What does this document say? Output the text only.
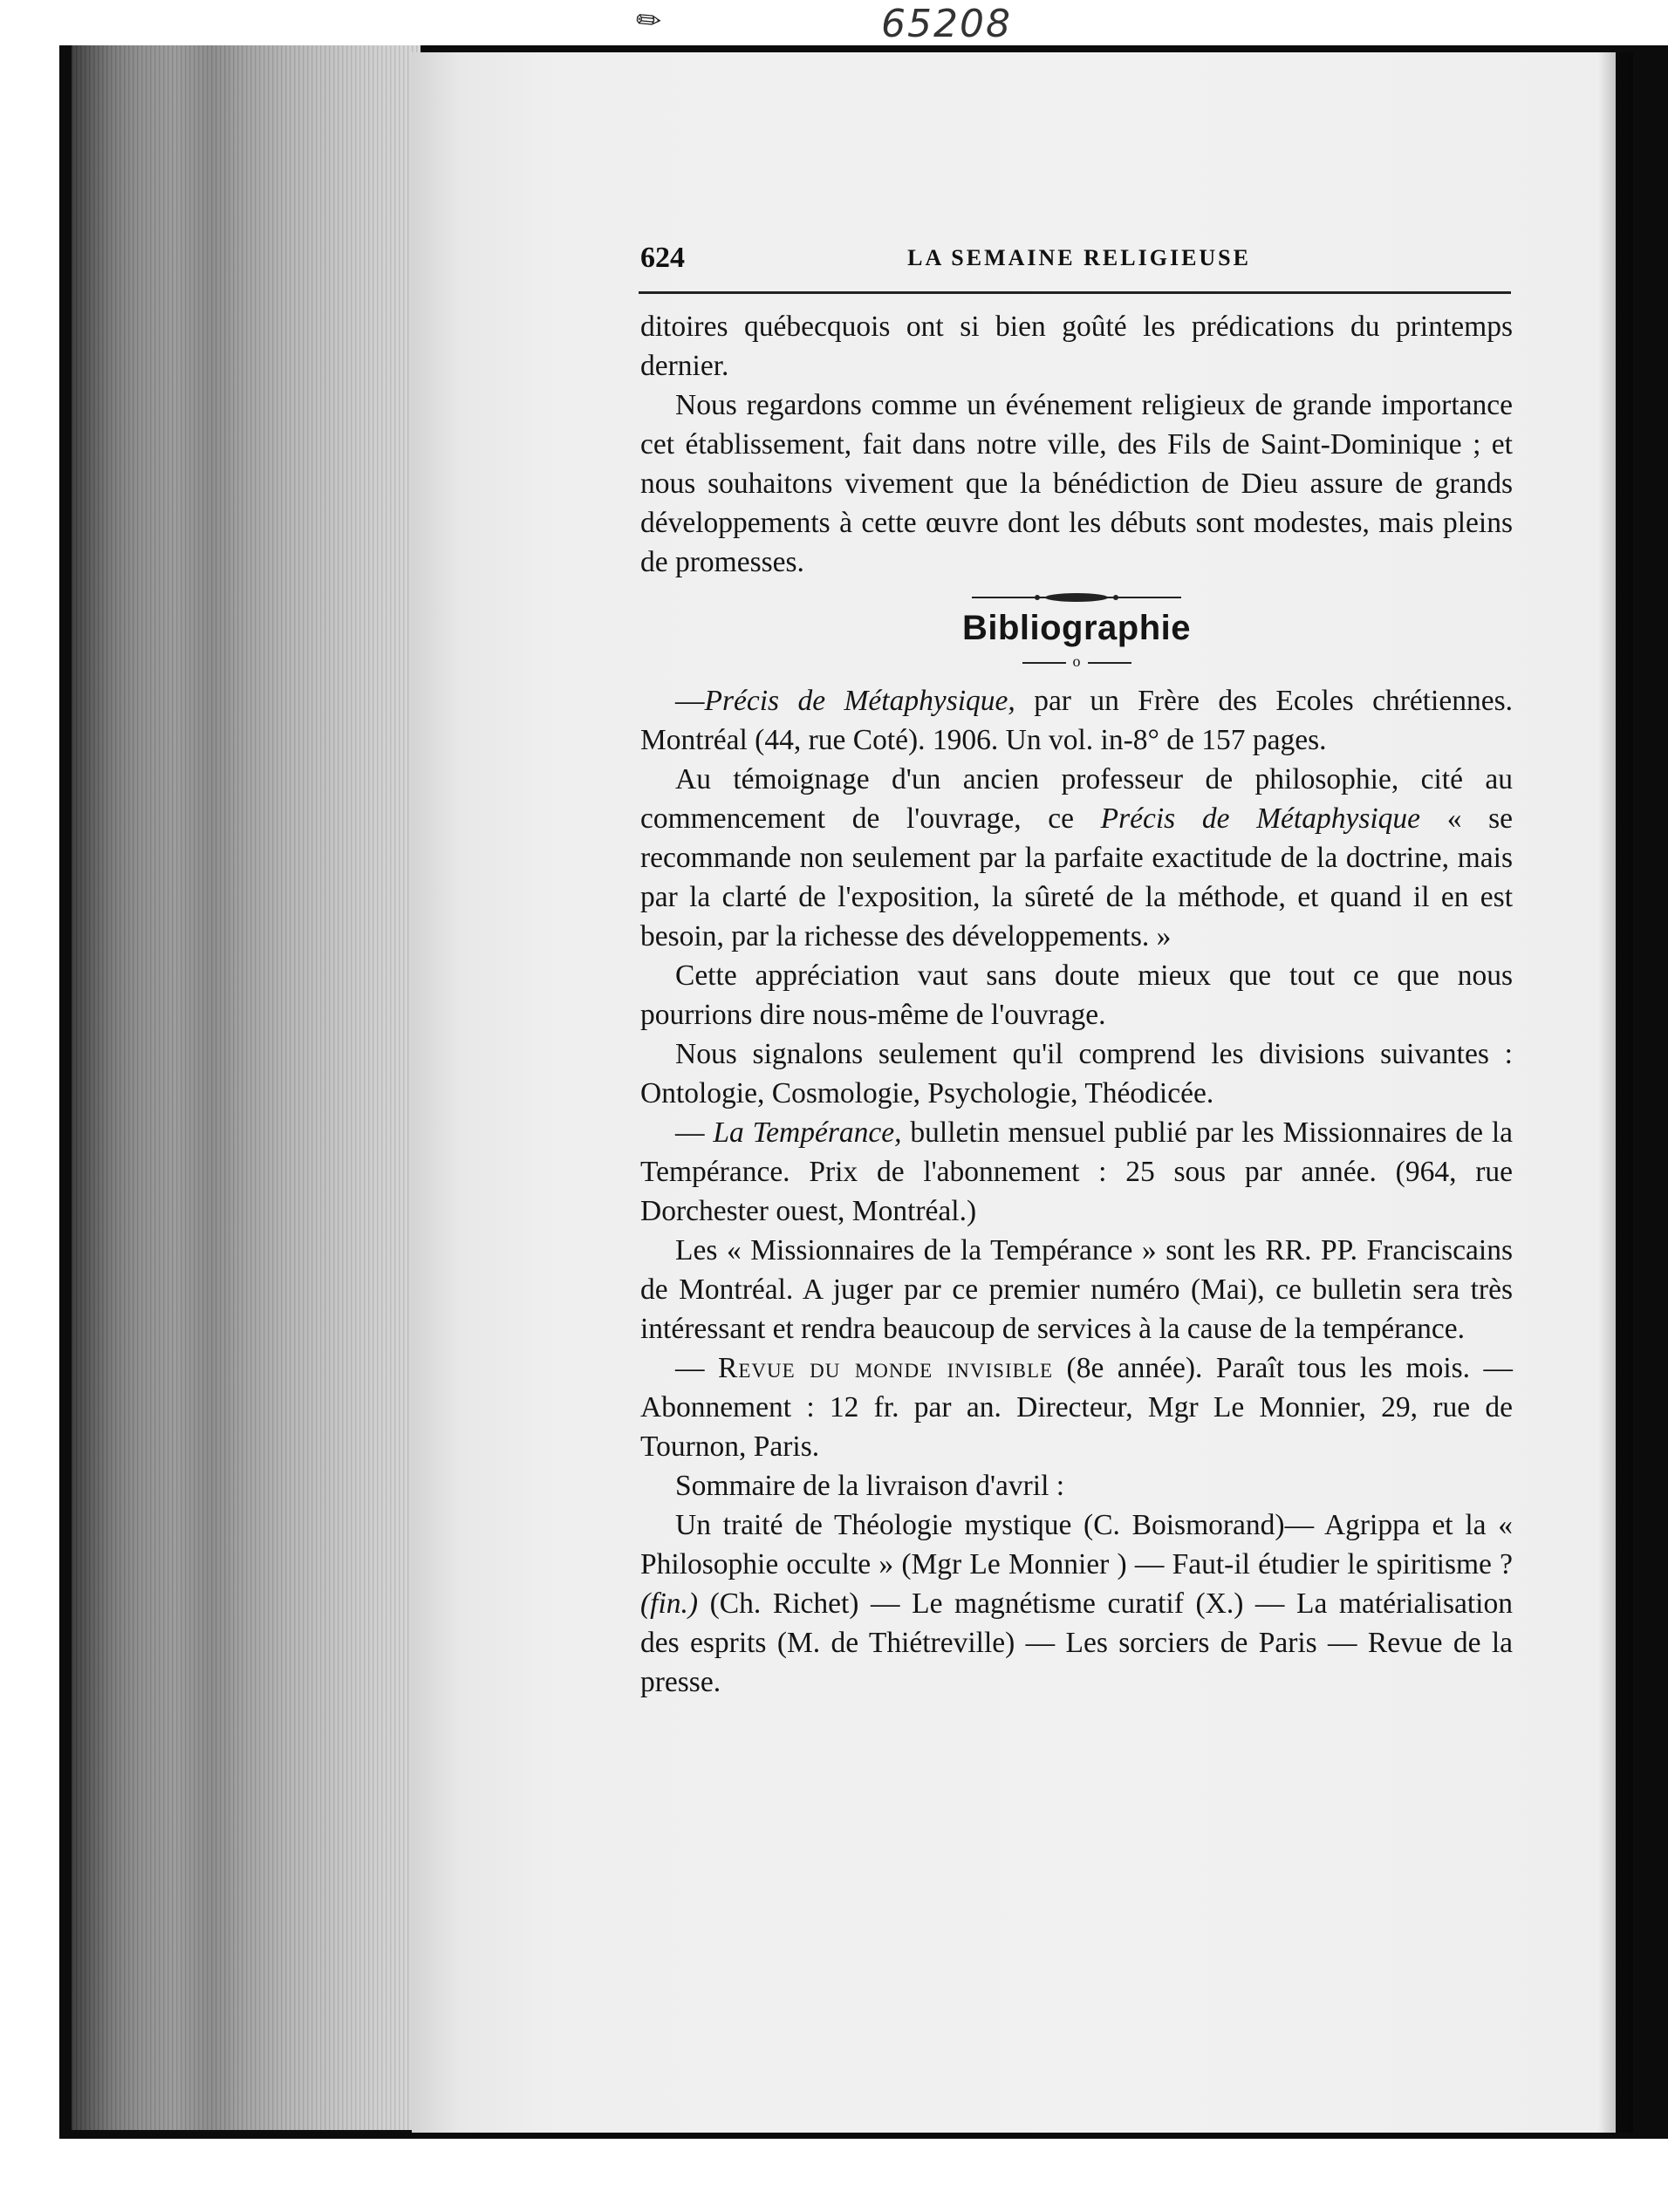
65208
✎
624	LA SEMAINE RELIGIEUSE

ditoires québecquois ont si bien goûté les prédications du printemps dernier.

Nous regardons comme un événement religieux de grande importance cet établissement, fait dans notre ville, des Fils de Saint-Dominique ; et nous souhaitons vivement que la bénédiction de Dieu assure de grands développements à cette œuvre dont les débuts sont modestes, mais pleins de promesses.

Bibliographie
o

—Précis de Métaphysique, par un Frère des Ecoles chrétiennes. Montréal (44, rue Coté). 1906. Un vol. in-8° de 157 pages.

Au témoignage d'un ancien professeur de philosophie, cité au commencement de l'ouvrage, ce Précis de Métaphysique « se recommande non seulement par la parfaite exactitude de la doctrine, mais par la clarté de l'exposition, la sûreté de la méthode, et quand il en est besoin, par la richesse des développements. »

Cette appréciation vaut sans doute mieux que tout ce que nous pourrions dire nous-même de l'ouvrage.

Nous signalons seulement qu'il comprend les divisions suivantes : Ontologie, Cosmologie, Psychologie, Théodicée.

— La Tempérance, bulletin mensuel publié par les Missionnaires de la Tempérance. Prix de l'abonnement : 25 sous par année. (964, rue Dorchester ouest, Montréal.)

Les « Missionnaires de la Tempérance » sont les RR. PP. Franciscains de Montréal. A juger par ce premier numéro (Mai), ce bulletin sera très intéressant et rendra beaucoup de services à la cause de la tempérance.

— Revue du monde invisible (8e année). Paraît tous les mois. — Abonnement : 12 fr. par an. Directeur, Mgr Le Monnier, 29, rue de Tournon, Paris.

Sommaire de la livraison d'avril :

Un traité de Théologie mystique (C. Boismorand)— Agrippa et la « Philosophie occulte » (Mgr Le Monnier ) — Faut-il étudier le spiritisme ? (fin.) (Ch. Richet) — Le magnétisme curatif (X.) — La matérialisation des esprits (M. de Thiétreville) — Les sorciers de Paris — Revue de la presse.
